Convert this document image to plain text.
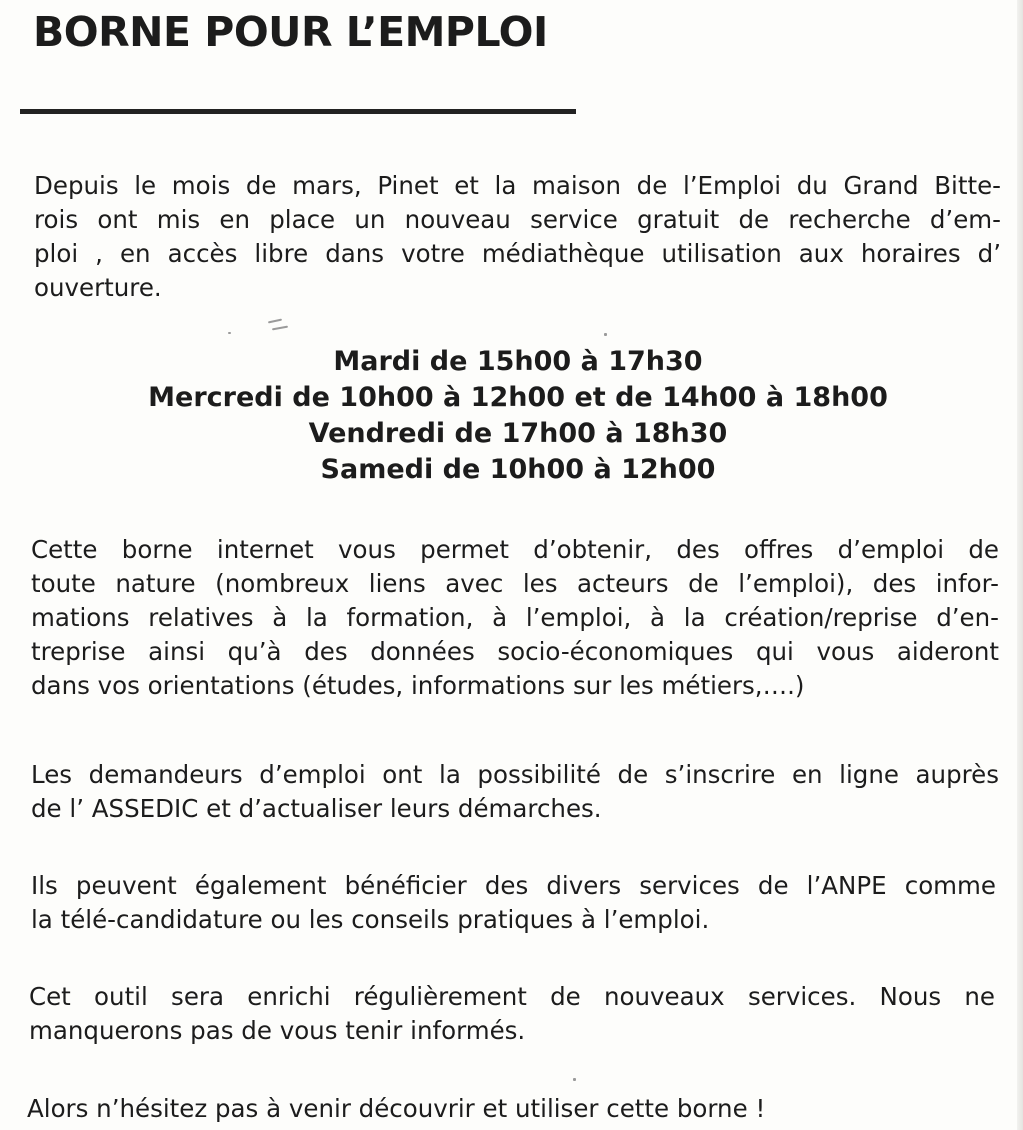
BORNE POUR L’EMPLOI

Depuis le mois de mars, Pinet et la maison de l’Emploi du Grand Bitte-
rois ont mis en place un nouveau service gratuit de recherche d’em-
ploi , en accès libre dans votre médiathèque utilisation aux horaires d’
ouverture.

Mardi de 15h00 à 17h30
Mercredi de 10h00 à 12h00 et de 14h00 à 18h00
Vendredi de 17h00 à 18h30
Samedi de 10h00 à 12h00

Cette borne internet vous permet d’obtenir, des offres d’emploi de
toute nature (nombreux liens avec les acteurs de l’emploi), des infor-
mations relatives à la formation, à l’emploi, à la création/reprise d’en-
treprise ainsi qu’à des données socio-économiques qui vous aideront
dans vos orientations (études, informations sur les métiers,….)

Les demandeurs d’emploi ont la possibilité de s’inscrire en ligne auprès
de l’ ASSEDIC et d’actualiser leurs démarches.

Ils peuvent également bénéficier des divers services de l’ANPE comme
la télé-candidature ou les conseils pratiques à l’emploi.

Cet outil sera enrichi régulièrement de nouveaux services. Nous ne
manquerons pas de vous tenir informés.

Alors n’hésitez pas à venir découvrir et utiliser cette borne !
